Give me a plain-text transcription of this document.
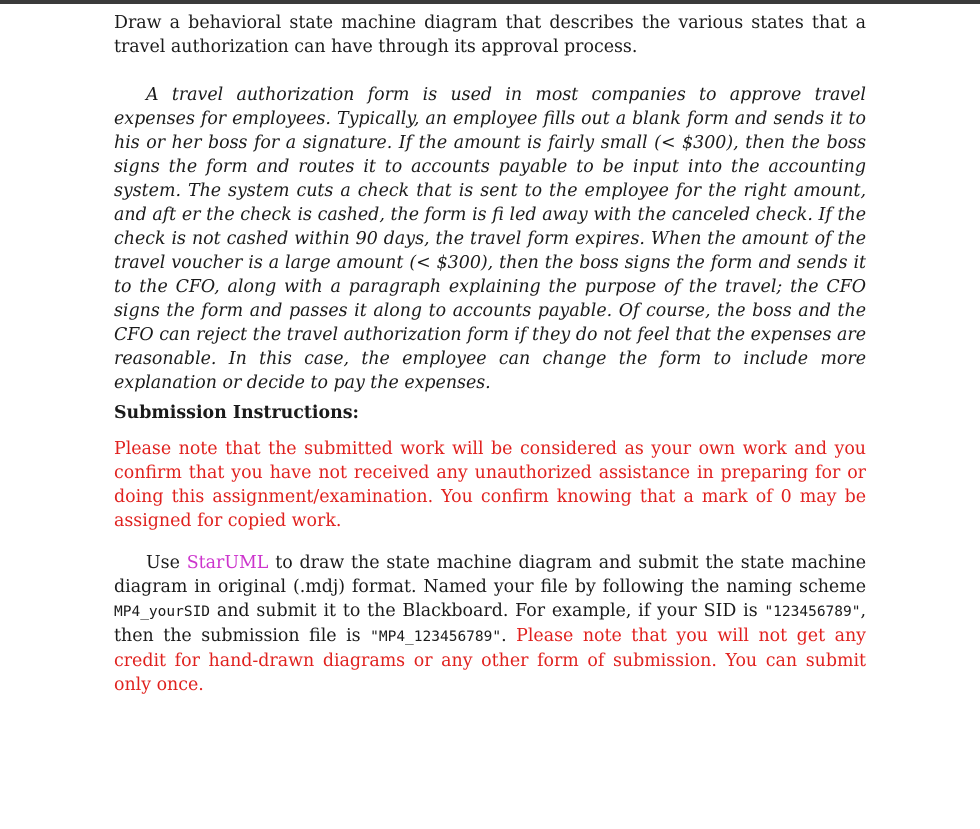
Draw a behavioral state machine diagram that describes the various states that a travel authorization can have through its approval process.

A travel authorization form is used in most companies to approve travel expenses for employees. Typically, an employee fills out a blank form and sends it to his or her boss for a signature. If the amount is fairly small (< $300), then the boss signs the form and routes it to accounts payable to be input into the accounting system. The system cuts a check that is sent to the employee for the right amount, and aft er the check is cashed, the form is fi led away with the canceled check. If the check is not cashed within 90 days, the travel form expires. When the amount of the travel voucher is a large amount (< $300), then the boss signs the form and sends it to the CFO, along with a paragraph explaining the purpose of the travel; the CFO signs the form and passes it along to accounts payable. Of course, the boss and the CFO can reject the travel authorization form if they do not feel that the expenses are reasonable. In this case, the employee can change the form to include more explanation or decide to pay the expenses.

Submission Instructions:

Please note that the submitted work will be considered as your own work and you confirm that you have not received any unauthorized assistance in preparing for or doing this assignment/examination. You confirm knowing that a mark of 0 may be assigned for copied work.

Use StarUML to draw the state machine diagram and submit the state machine diagram in original (.mdj) format. Named your file by following the naming scheme MP4_yourSID and submit it to the Blackboard. For example, if your SID is "123456789", then the submission file is "MP4_123456789". Please note that you will not get any credit for hand-drawn diagrams or any other form of submission. You can submit only once.
